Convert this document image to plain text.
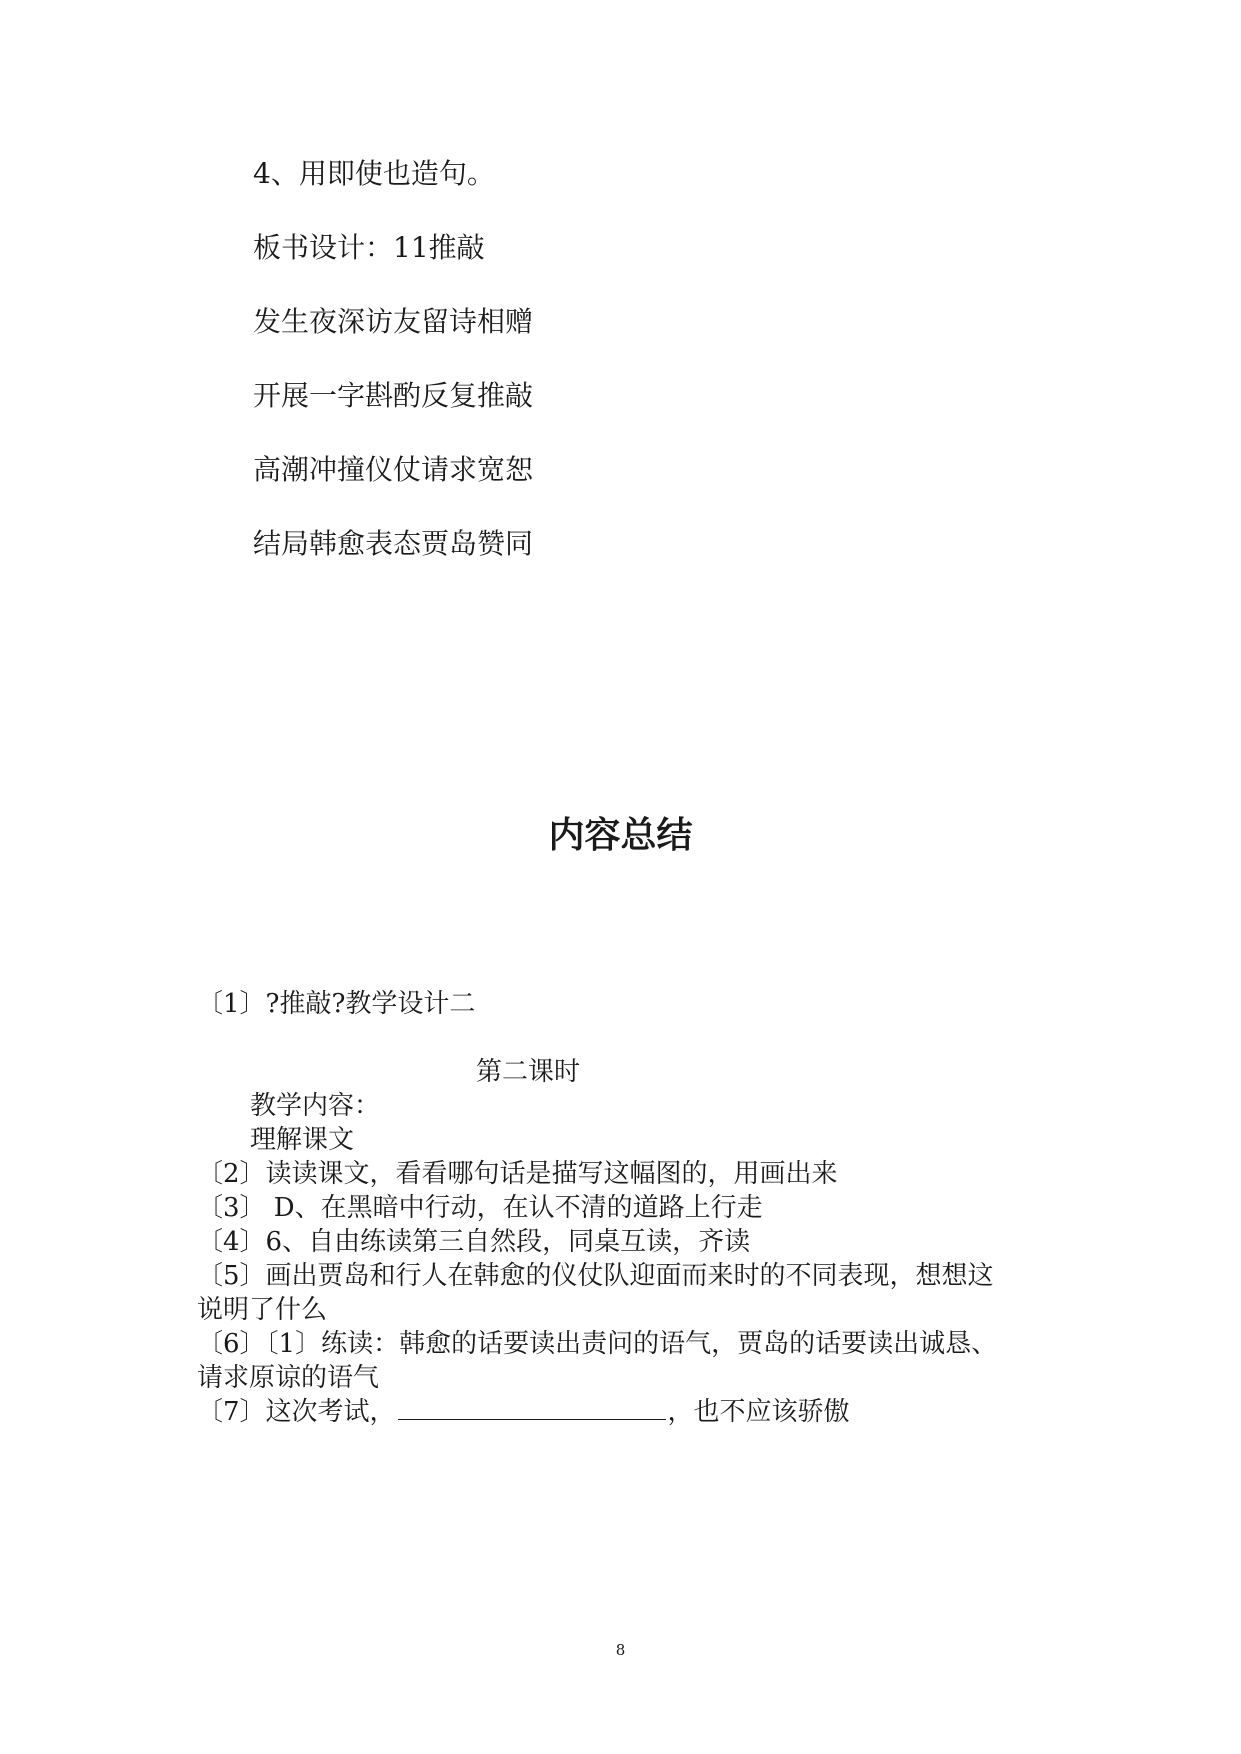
4、用即使也造句。
板书设计：11推敲
发生夜深访友留诗相赠
开展一字斟酌反复推敲
高潮冲撞仪仗请求宽恕
结局韩愈表态贾岛赞同
内容总结
〔1〕?推敲?教学设计二
第二课时
教学内容：
理解课文
〔2〕读读课文，看看哪句话是描写这幅图的，用画出来
〔3〕 D、在黑暗中行动，在认不清的道路上行走
〔4〕6、自由练读第三自然段，同桌互读，齐读
〔5〕画出贾岛和行人在韩愈的仪仗队迎面而来时的不同表现，想想这
说明了什么
〔6〕〔1〕练读：韩愈的话要读出责问的语气，贾岛的话要读出诚恳、
请求原谅的语气
〔7〕这次考试，	，也不应该骄傲
8
